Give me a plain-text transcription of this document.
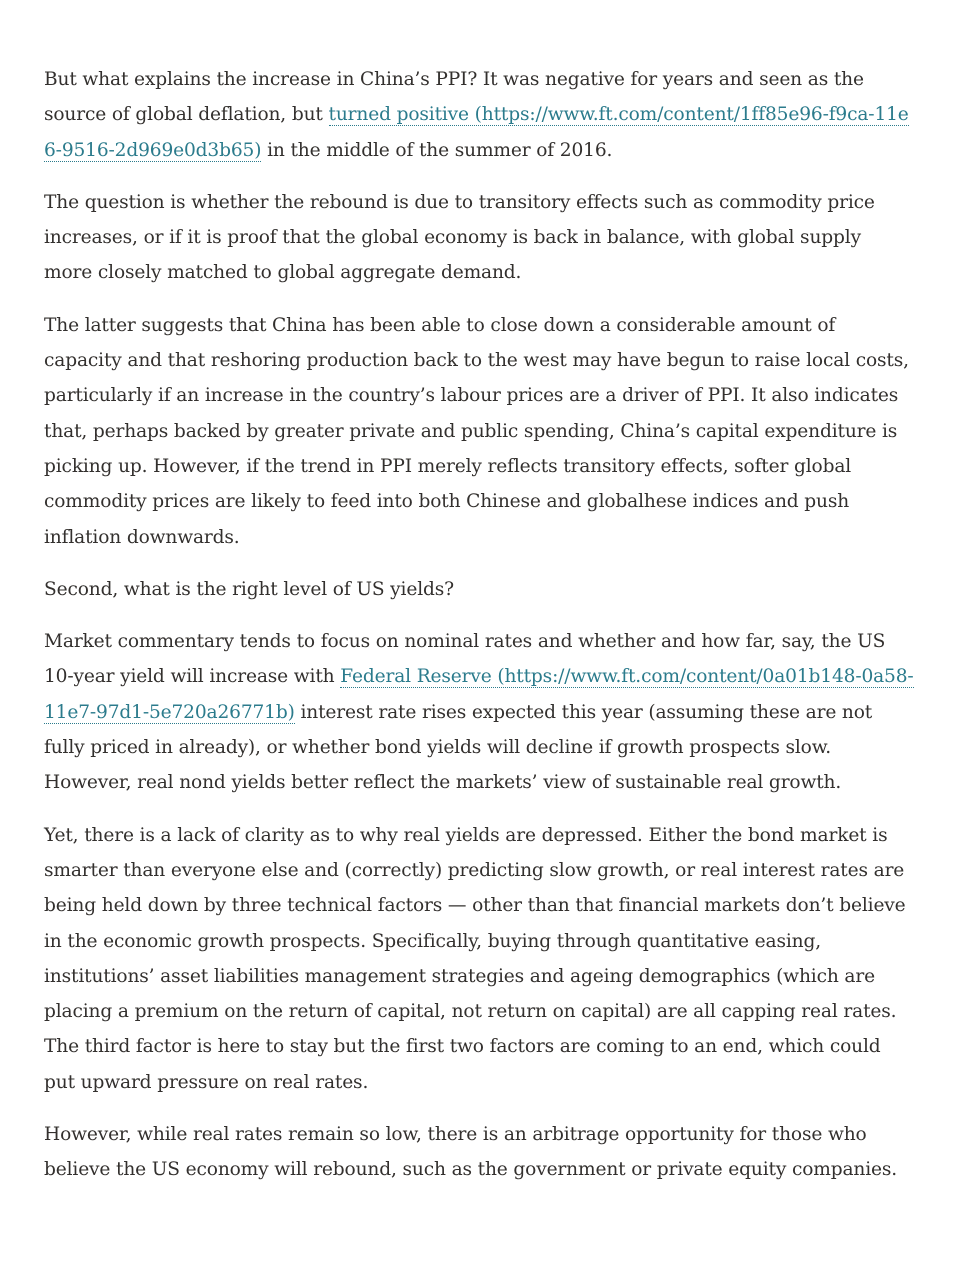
But what explains the increase in China’s PPI? It was negative for years and seen as the source of global deflation, but turned positive (https://www.ft.com/content/1ff85e96-f9ca-11e6-9516-2d969e0d3b65) in the middle of the summer of 2016.

The question is whether the rebound is due to transitory effects such as commodity price increases, or if it is proof that the global economy is back in balance, with global supply more closely matched to global aggregate demand.

The latter suggests that China has been able to close down a considerable amount of capacity and that reshoring production back to the west may have begun to raise local costs, particularly if an increase in the country’s labour prices are a driver of PPI. It also indicates that, perhaps backed by greater private and public spending, China’s capital expenditure is picking up. However, if the trend in PPI merely reflects transitory effects, softer global commodity prices are likely to feed into both Chinese and globalhese indices and push inflation downwards.

Second, what is the right level of US yields?

Market commentary tends to focus on nominal rates and whether and how far, say, the US 10-year yield will increase with Federal Reserve (https://www.ft.com/content/0a01b148-0a58-11e7-97d1-5e720a26771b) interest rate rises expected this year (assuming these are not fully priced in already), or whether bond yields will decline if growth prospects slow. However, real nond yields better reflect the markets’ view of sustainable real growth.

Yet, there is a lack of clarity as to why real yields are depressed. Either the bond market is smarter than everyone else and (correctly) predicting slow growth, or real interest rates are being held down by three technical factors — other than that financial markets don’t believe in the economic growth prospects. Specifically, buying through quantitative easing, institutions’ asset liabilities management strategies and ageing demographics (which are placing a premium on the return of capital, not return on capital) are all capping real rates. The third factor is here to stay but the first two factors are coming to an end, which could put upward pressure on real rates.

However, while real rates remain so low, there is an arbitrage opportunity for those who believe the US economy will rebound, such as the government or private equity companies.
